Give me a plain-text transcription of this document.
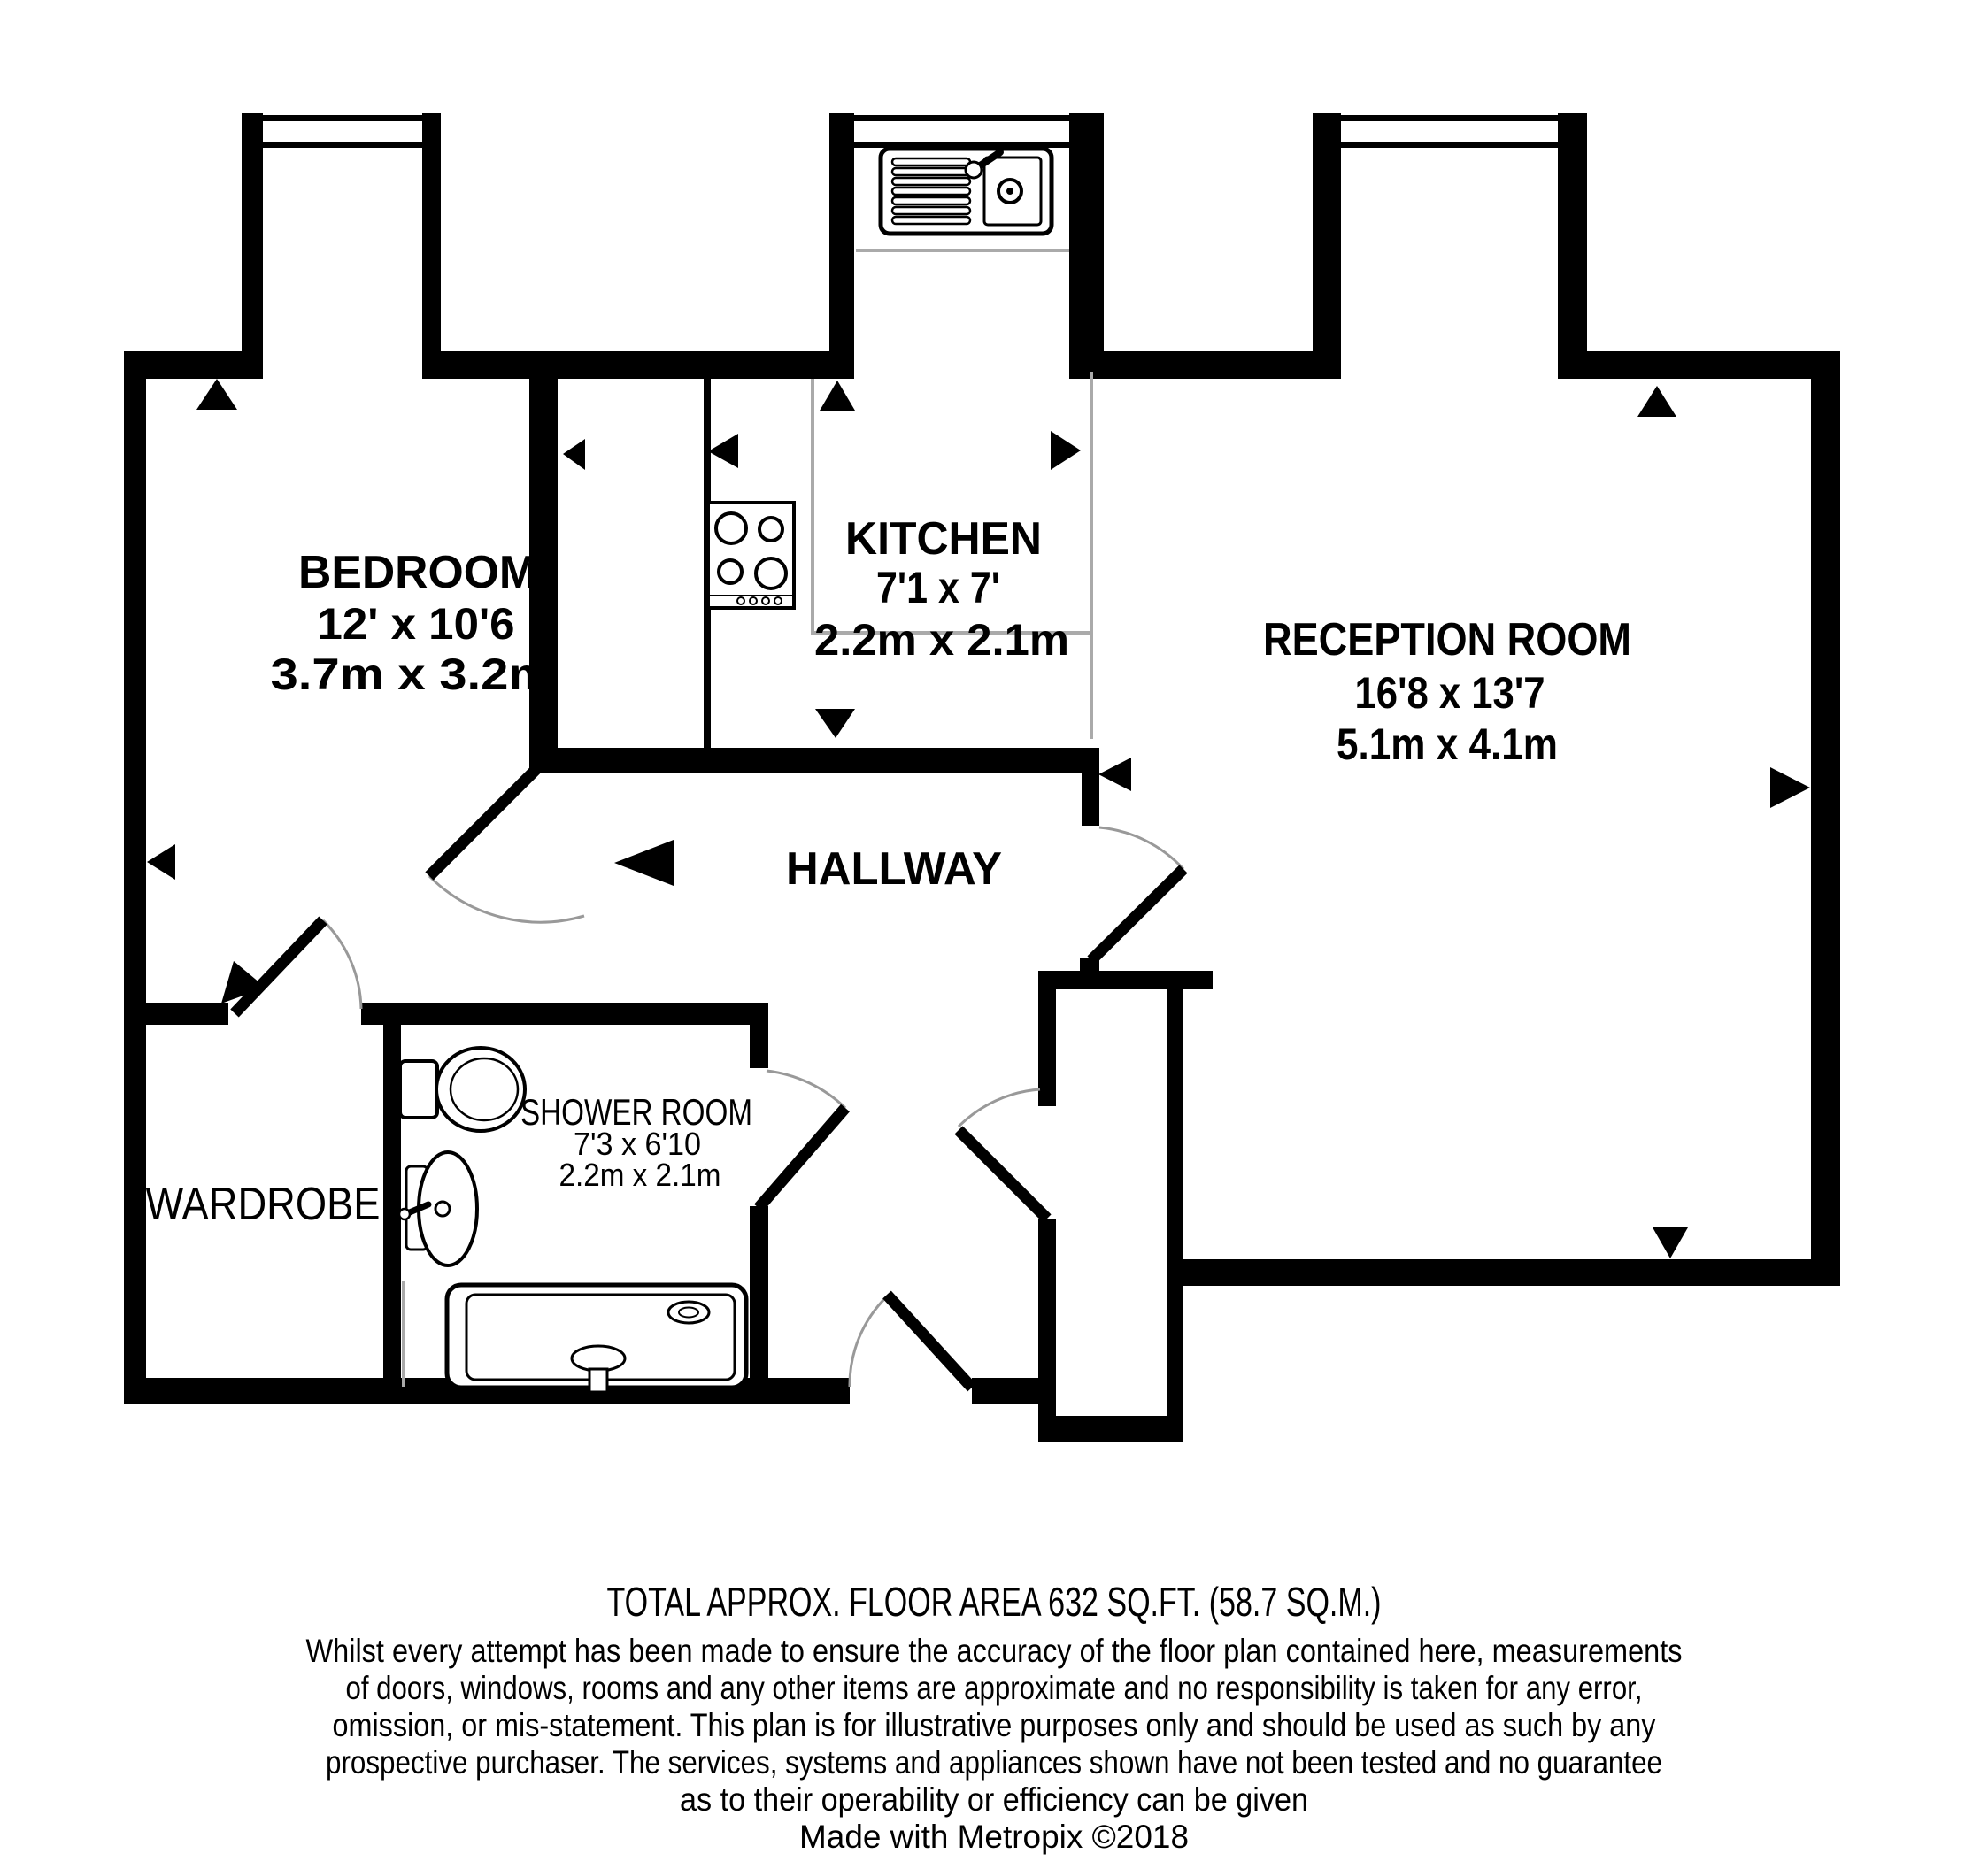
BEDROOM
12' x 10'6
3.7m x 3.2m
KITCHEN
7'1 x 7'
2.2m x 2.1m	RECEPTION ROOM
16'8 x 13'7
5.1m x 4.1m
HALLWAY
SHOWER ROOM
7'3 x 6'10
2.2m x 2.1m
WARDROBE
TOTAL APPROX. FLOOR AREA 632 SQ.FT. (58.7 SQ.M.)
Whilst every attempt has been made to ensure the accuracy of the floor plan contained here, measurements
of doors, windows, rooms and any other items are approximate and no responsibility is taken for any error,
omission, or mis-statement. This plan is for illustrative purposes only and should be used as such by any
prospective purchaser. The services, systems and appliances shown have not been tested and no guarantee
as to their operability or efficiency can be given
Made with Metropix ©2018
